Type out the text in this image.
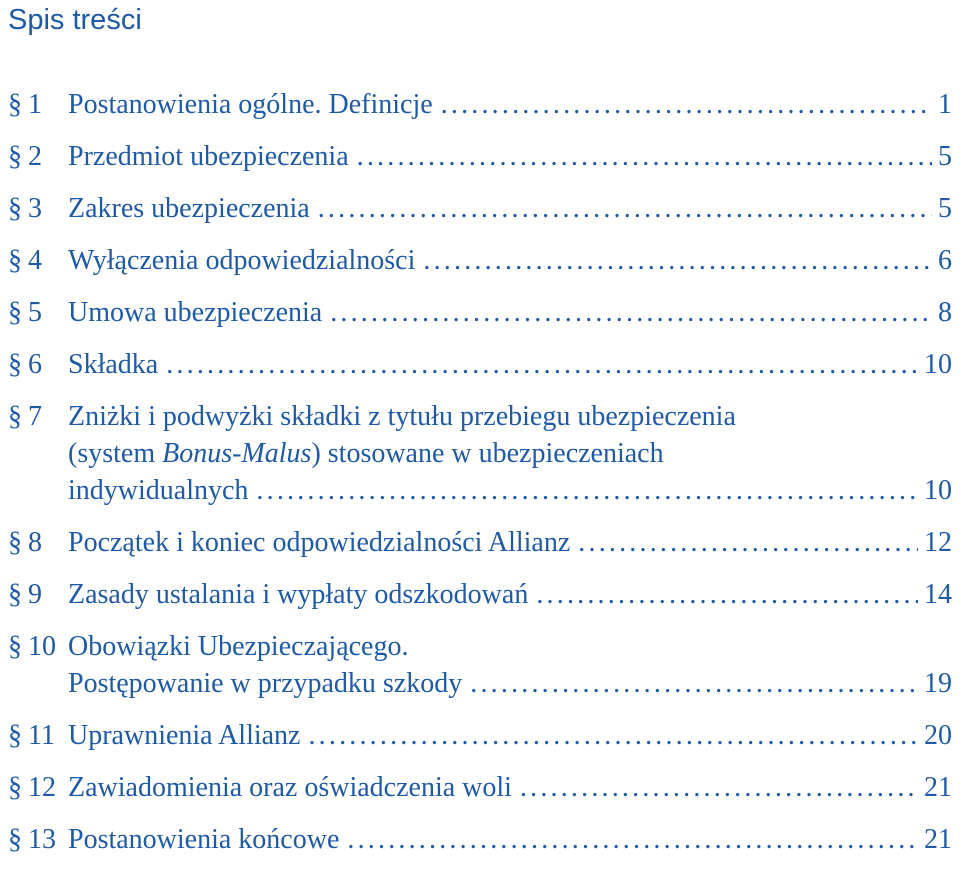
Spis treści
§ 1 Postanowienia ogólne. Definicje .....	1
§ 2 Przedmiot ubezpieczenia .....	5
§ 3 Zakres ubezpieczenia .....	5
§ 4 Wyłączenia odpowiedzialności .....	6
§ 5 Umowa ubezpieczenia .....	8
§ 6 Składka .....	10
§ 7 Zniżki i podwyżki składki z tytułu przebiegu ubezpieczenia
(system Bonus-Malus) stosowane w ubezpieczeniach
indywidualnych .....	10
§ 8 Początek i koniec odpowiedzialności Allianz .....	12
§ 9 Zasady ustalania i wypłaty odszkodowań .....	14
§ 10 Obowiązki Ubezpieczającego.
Postępowanie w przypadku szkody .....	19
§ 11 Uprawnienia Allianz .....	20
§ 12 Zawiadomienia oraz oświadczenia woli .....	21
§ 13 Postanowienia końcowe .....	21
